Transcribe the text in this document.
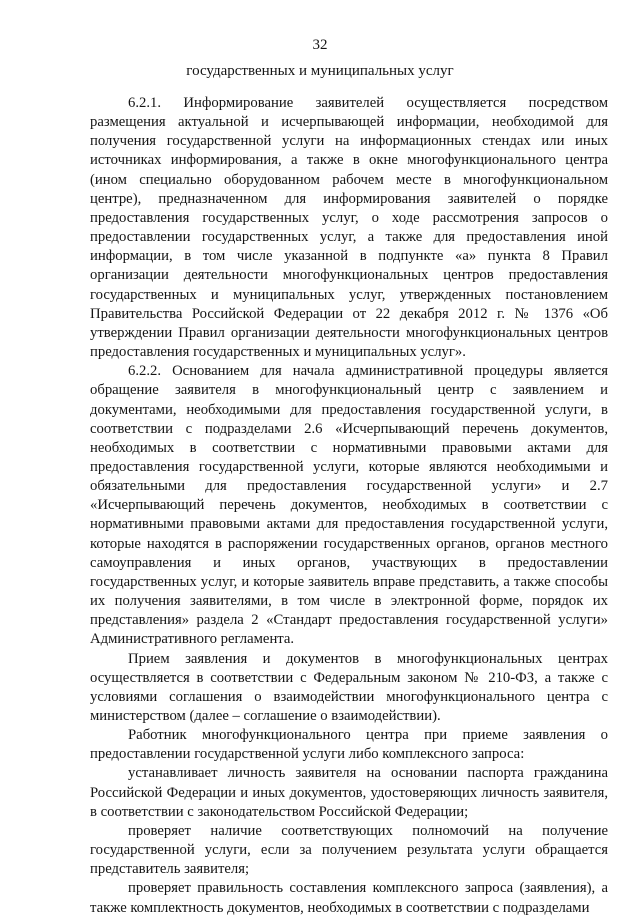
32
государственных и муниципальных услуг

6.2.1. Информирование заявителей осуществляется посредством размещения актуальной и исчерпывающей информации, необходимой для получения государственной услуги на информационных стендах или иных источниках информирования, а также в окне многофункционального центра (ином специально оборудованном рабочем месте в многофункциональном центре), предназначенном для информирования заявителей о порядке предоставления государственных услуг, о ходе рассмотрения запросов о предоставлении государственных услуг, а также для предоставления иной информации, в том числе указанной в подпункте «а» пункта 8 Правил организации деятельности многофункциональных центров предоставления государственных и муниципальных услуг, утвержденных постановлением Правительства Российской Федерации от 22 декабря 2012 г. № 1376 «Об утверждении Правил организации деятельности многофункциональных центров предоставления государственных и муниципальных услуг».

6.2.2. Основанием для начала административной процедуры является обращение заявителя в многофункциональный центр с заявлением и документами, необходимыми для предоставления государственной услуги, в соответствии с подразделами 2.6 «Исчерпывающий перечень документов, необходимых в соответствии с нормативными правовыми актами для предоставления государственной услуги, которые являются необходимыми и обязательными для предоставления государственной услуги» и 2.7 «Исчерпывающий перечень документов, необходимых в соответствии с нормативными правовыми актами для предоставления государственной услуги, которые находятся в распоряжении государственных органов, органов местного самоуправления и иных органов, участвующих в предоставлении государственных услуг, и которые заявитель вправе представить, а также способы их получения заявителями, в том числе в электронной форме, порядок их представления» раздела 2 «Стандарт предоставления государственной услуги» Административного регламента.

Прием заявления и документов в многофункциональных центрах осуществляется в соответствии с Федеральным законом № 210-ФЗ, а также с условиями соглашения о взаимодействии многофункционального центра с министерством (далее – соглашение о взаимодействии).

Работник многофункционального центра при приеме заявления о предоставлении государственной услуги либо комплексного запроса:

устанавливает личность заявителя на основании паспорта гражданина Российской Федерации и иных документов, удостоверяющих личность заявителя, в соответствии с законодательством Российской Федерации;

проверяет наличие соответствующих полномочий на получение государственной услуги, если за получением результата услуги обращается представитель заявителя;

проверяет правильность составления комплексного запроса (заявления), а также комплектность документов, необходимых в соответствии с подразделами
